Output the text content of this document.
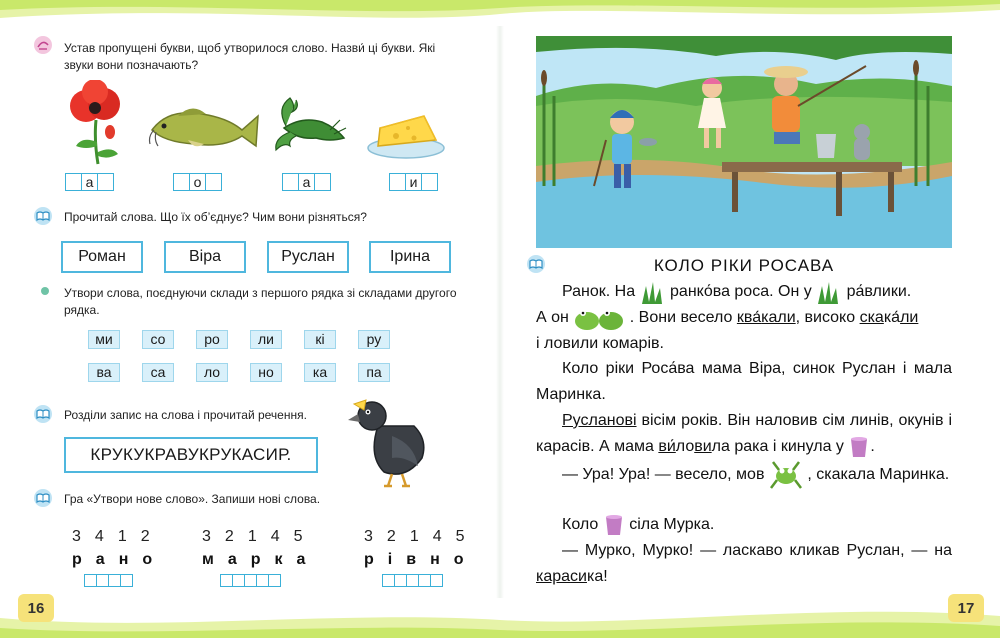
Устав пропущені букви, щоб утворилося слово. Назви́ ці букви. Які
звуки вони позначають?
а	о	а	и
Прочитай слова. Що їх об’єднує? Чим вони різняться?
Роман	Віра	Руслан	Ірина
Утвори слова, поєднуючи склади з першого рядка зі складами другого
рядка.
ми	со	ро	ли	кі	ру
ва	са	ло	но	ка	па
Розділи запис на слова і прочитай речення.
КРУКУКРАВУКРУКАСИР.
Гра «Утвори нове слово». Запиши нові слова.
3 4 1 2
р а н о
3 2 1 4 5
м а р к а
3 2 1 4 5
р і в н о
16
КОЛО РІКИ РОСАВА
Ранок. На ранко́ва роса. Он у ра́влики.
А он	. Вони весело ква́кали, високо скака́ли
і ловили комарів.
Коло ріки Роса́ва мама Віра, синок Руслан і мала Маринка.
Русланові вісім років. Він наловив сім линів, окунів і карасів. А мама ви́ловила рака і кинула у .
— Ура! Ура! — весело, мов	, скакала Маринка.
Коло сіла Мурка.
— Мурко, Мурко! — ласкаво кликав Руслан, — на карасика!
17
